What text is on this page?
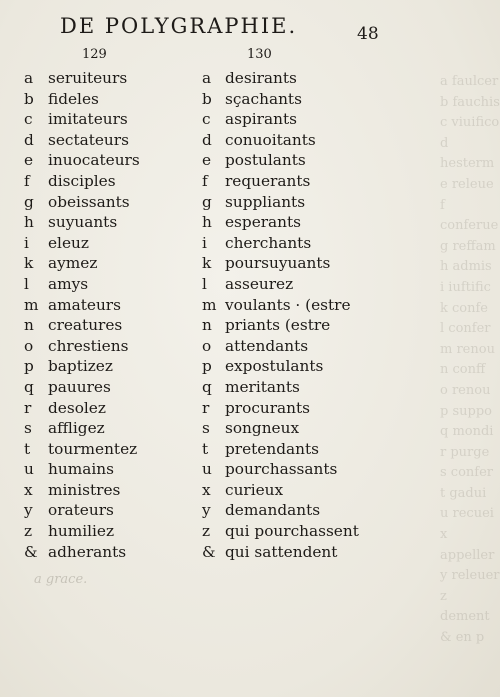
a faulcer
b fauchis
c viuifico
d hesterm
e releue
f conferue
g reffam
h admis
i iuftific
k confe
l confer
m renou
n conff
o renou
p suppo
q mondi
r purge
s confer
t gadui
u recuei
x appeller
y releuer
z dement
& en p
a grace.
DE POLYGRAPHIE.	48
129	130
a seruiteurs	a desirants
b fideles	b sçachants
c	imitateurs	c aspirants
d sectateurs	d conuoitants
e inuocateurs	e postulants
f	disciples	f requerants
g obeissants	g suppliants
h suyuants	h esperants
i	eleuz	i cherchants
k aymez	k poursuyuants
l	amys	l asseurez
m amateurs	m voulants · (estre
n creatures	n priants (estre
o chrestiens	o attendants
p baptizez	p expostulants
q pauures	q meritants
r	desolez	r procurants
s	affligez	s songneux
t	tourmentez	t pretendants
u humains	u pourchassants
x	ministres	x curieux
y	orateurs	y demandants
z	humiliez	z qui pourchassent
& adherants	& qui sattendent
